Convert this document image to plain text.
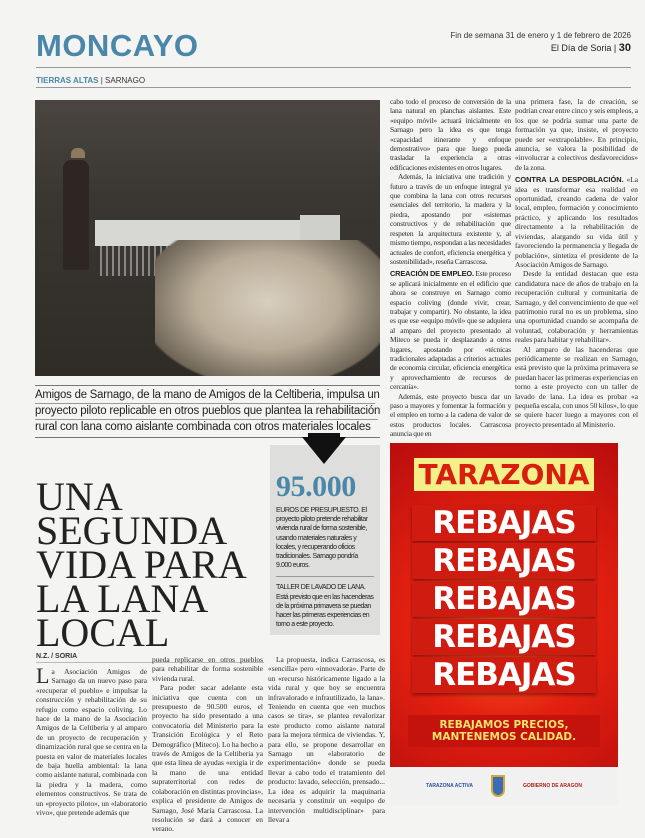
MONCAYO	Fin de semana 31 de enero y 1 de febrero de 2026
El Día de Soria | 30
TIERRAS ALTAS | SARNAGO

cabo todo el proceso de conversión de la lana natural en planchas aislantes. Este «equipo móvil» actuará inicialmente en Sarnago pero la idea es que tenga «capacidad itinerante y enfoque demostrativo» para que luego pueda trasladar la experiencia a otras edificaciones existentes en otros lugares.

Además, la iniciativa une tradición y futuro a través de un enfoque integral ya que combina la lana con otros recursos esenciales del territorio, la madera y la piedra, apostando por «sistemas constructivos y de rehabilitación que respeten la arquitectura existente y, al mismo tiempo, respondan a las necesidades actuales de confort, eficiencia energética y sostenibilidad», reseña Carrascosa.

CREACIÓN DE EMPLEO. Este proceso se aplicará inicialmente en el edificio que ahora se construye en Sarnago como espacio coliving (donde vivir, crear, trabajar y compartir). No obstante, la idea es que ese «equipo móvil» que se adquiera al amparo del proyecto presentado al Miteco se pueda ir desplazando a otros lugares, apostando por «técnicas tradicionales adaptadas a criterios actuales de economía circular, eficiencia energética y aprovechamiento de recursos de cercanía».

Además, este proyecto busca dar un paso a mayores y fomentar la formación y el empleo en torno a la cadena de valor de estos productos locales. Carrascosa anuncia que en

una primera fase, la de creación, se podrían crear entre cinco y seis empleos, a los que se podría sumar una parte de formación ya que, insiste, el proyecto puede ser «extrapolable». En principio, anuncia, se valora la posibilidad de «involucrar a colectivos desfavorecidos» de la zona.

CONTRA LA DESPOBLACIÓN. «La idea es transformar esa realidad en oportunidad, creando cadena de valor local, empleo, formación y conocimiento práctico, y aplicando los resultados directamente a la rehabilitación de viviendas, alargando su vida útil y favoreciendo la permanencia y llegada de población», sintetiza el presidente de la Asociación Amigos de Sarnago.

Desde la entidad destacan que esta candidatura nace de años de trabajo en la recuperación cultural y comunitaria de Sarnago, y del convencimiento de que «el patrimonio rural no es un problema, sino una oportunidad cuando se acompaña de voluntad, colaboración y herramientas reales para habitar y rehabilitar».

Al amparo de las hacenderas que periódicamente se realizan en Sarnago, está previsto que la próxima primavera se puedan hacer las primeras experiencias en torno a este proyecto con un taller de lavado de lana. La idea es probar «a pequeña escala, con unos 50 kilos», lo que se quiere hacer luego a mayores con el proyecto presentado al Ministerio.

Amigos de Sarnago, de la mano de Amigos de la Celtiberia, impulsa un
proyecto piloto replicable en otros pueblos que plantea la rehabilitación
rural con lana como aislante combinada con otros materiales locales
UNA SEGUNDA VIDA PARA LA LANA LOCAL
95.000
EUROS DE PRESUPUESTO. El proyecto piloto pretende rehabilitar vivienda rural de forma sostenible, usando materiales naturales y locales, y recuperando oficios tradicionales. Sarnago pondría 9.000 euros.
TALLER DE LAVADO DE LANA.
Está previsto que en las hacenderas de la próxima primavera se puedan hacer las primeras experiencias en torno a este proyecto.
N.Z. / SORIA

La Asociación Amigos de Sarnago da un nuevo paso para «recuperar el pueblo» e impulsar la construcción y rehabilitación de su refugio como espacio coliving. Lo hace de la mano de la Asociación Amigos de la Celtiberia y al amparo de un proyecto de recuperación y dinamización rural que se centra en la puesta en valor de materiales locales de baja huella ambiental: la lana como aislante natural, combinada con la piedra y la madera, como elementos constructivos. Se trata de un «proyecto piloto», un «laboratorio vivo», que pretende además que

pueda replicarse en otros pueblos para rehabilitar de forma sostenible vivienda rural.

Para poder sacar adelante esta iniciativa que cuenta con un presupuesto de 90.500 euros, el proyecto ha sido presentado a una convocatoria del Ministerio para la Transición Ecológica y el Reto Demográfico (Miteco). Lo ha hecho a través de Amigos de la Celtiberia ya que esta línea de ayudas «exigía ir de la mano de una entidad supraterritorial con redes de colaboración en distintas provincias», explica el presidente de Amigos de Sarnago, José María Carrascosa. La resolución se dará a conocer en verano.

La propuesta, indica Carrascosa, es «sencilla» pero «innovadora». Parte de un «recurso históricamente ligado a la vida rural y que hoy se encuentra infravalorado e infrautilizado, la lana». Teniendo en cuenta que «en muchos casos se tira», se plantea revalorizar este producto como aislante natural para la mejora térmica de viviendas. Y, para ello, se propone desarrollar en Sarnago un «laboratorio de experimentación» donde se pueda llevar a cabo todo el tratamiento del producto: lavado, selección, prensado... La idea es adquirir la maquinaria necesaria y constituir un «equipo de intervención multidisciplinar» para llevar a

TARAZONA
REBAJAS
REBAJAS
REBAJAS
REBAJAS
REBAJAS
REBAJAMOS PRECIOS,
MANTENEMOS CALIDAD.
TARAZONA ACTIVA	GOBIERNO DE ARAGON
